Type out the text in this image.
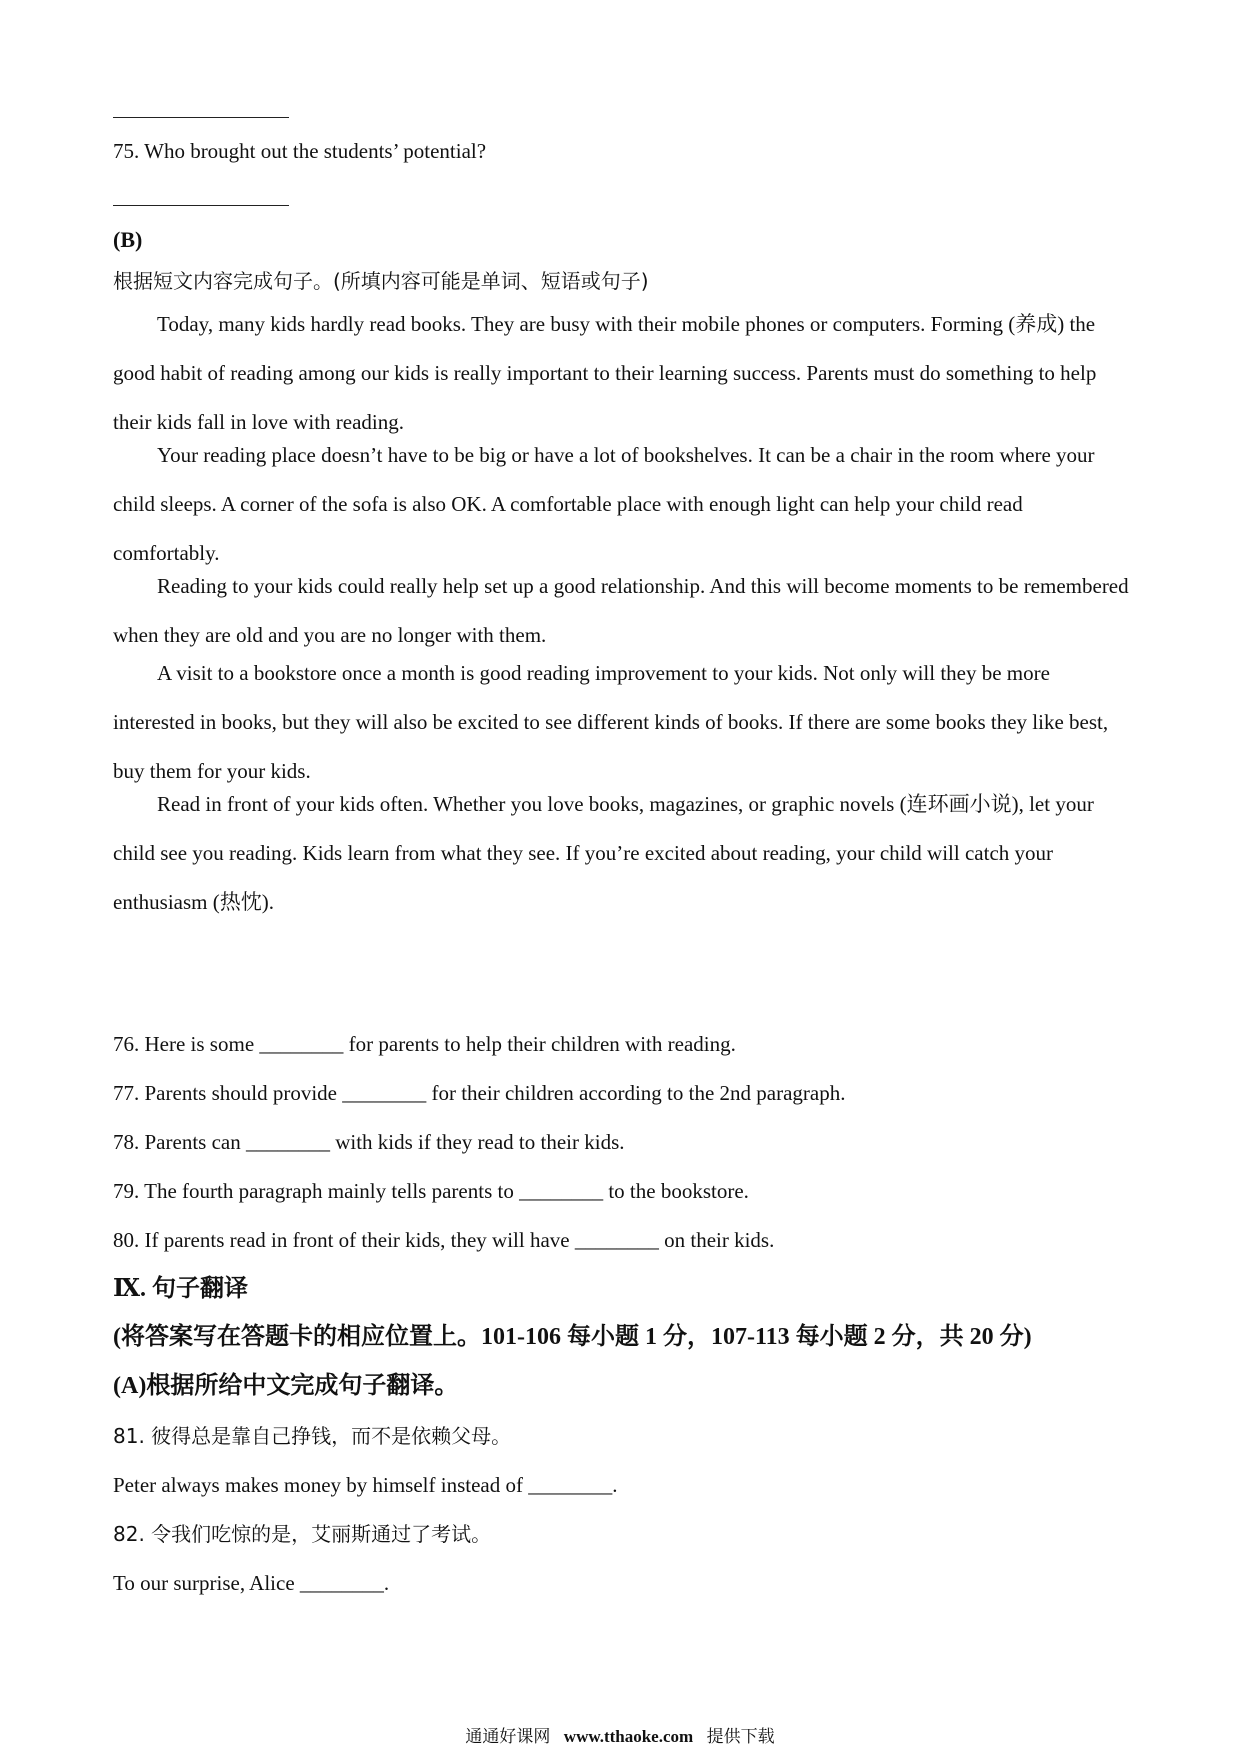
75. Who brought out the students’ potential?
(B)
根据短文内容完成句子。(所填内容可能是单词、短语或句子)
Today, many kids hardly read books. They are busy with their mobile phones or computers. Forming (养成) the good habit of reading among our kids is really important to their learning success. Parents must do something to help their kids fall in love with reading.
Your reading place doesn’t have to be big or have a lot of bookshelves. It can be a chair in the room where your child sleeps. A corner of the sofa is also OK. A comfortable place with enough light can help your child read comfortably.
Reading to your kids could really help set up a good relationship. And this will become moments to be remembered when they are old and you are no longer with them.
A visit to a bookstore once a month is good reading improvement to your kids. Not only will they be more interested in books, but they will also be excited to see different kinds of books. If there are some books they like best, buy them for your kids.
Read in front of your kids often. Whether you love books, magazines, or graphic novels (连环画小说), let your child see you reading. Kids learn from what they see. If you’re excited about reading, your child will catch your enthusiasm (热忱).
76. Here is some ________ for parents to help their children with reading.
77. Parents should provide ________ for their children according to the 2nd paragraph.
78. Parents can ________ with kids if they read to their kids.
79. The fourth paragraph mainly tells parents to ________ to the bookstore.
80. If parents read in front of their kids, they will have ________ on their kids.
Ⅸ. 句子翻译
(将答案写在答题卡的相应位置上。101-106 每小题 1 分，107-113 每小题 2 分，共 20 分)
(A)根据所给中文完成句子翻译。
81. 彼得总是靠自己挣钱，而不是依赖父母。
Peter always makes money by himself instead of ________.
82. 令我们吃惊的是，艾丽斯通过了考试。
To our surprise, Alice ________.
通通好课网 www.tthaoke.com 提供下载
